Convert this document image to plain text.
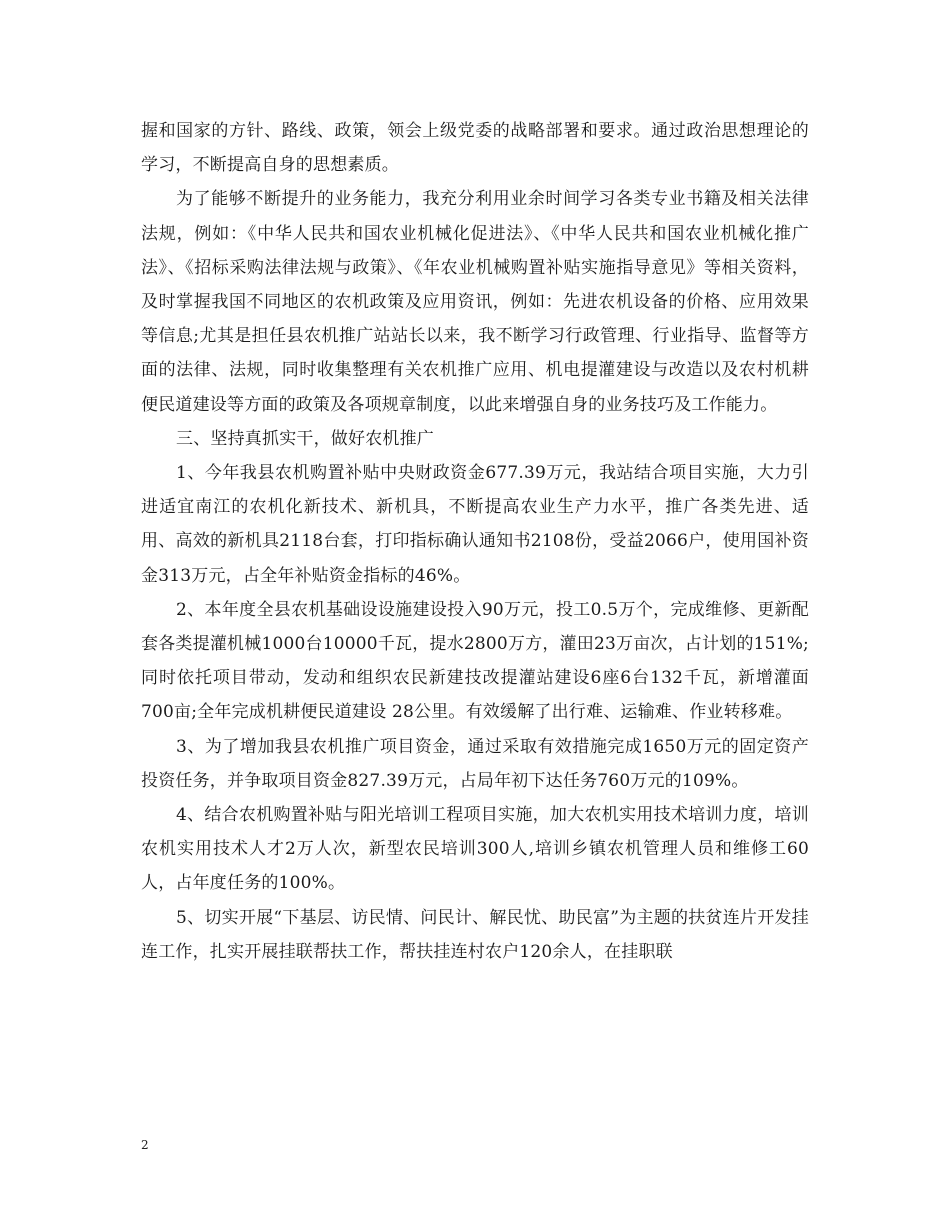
握和国家的方针、路线、政策，领会上级党委的战略部署和要求。通过政治思想理论的学习，不断提高自身的思想素质。

为了能够不断提升的业务能力，我充分利用业余时间学习各类专业书籍及相关法律法规，例如：《中华人民共和国农业机械化促进法》、《中华人民共和国农业机械化推广法》、《招标采购法律法规与政策》、《年农业机械购置补贴实施指导意见》等相关资料，及时掌握我国不同地区的农机政策及应用资讯，例如：先进农机设备的价格、应用效果等信息;尤其是担任县农机推广站站长以来，我不断学习行政管理、行业指导、监督等方面的法律、法规，同时收集整理有关农机推广应用、机电提灌建设与改造以及农村机耕便民道建设等方面的政策及各项规章制度，以此来增强自身的业务技巧及工作能力。

三、坚持真抓实干，做好农机推广

1、今年我县农机购置补贴中央财政资金677.39万元，我站结合项目实施，大力引进适宜南江的农机化新技术、新机具，不断提高农业生产力水平，推广各类先进、适用、高效的新机具2118台套，打印指标确认通知书2108份，受益2066户，使用国补资金313万元，占全年补贴资金指标的46%。

2、本年度全县农机基础设设施建设投入90万元，投工0.5万个，完成维修、更新配套各类提灌机械1000台10000千瓦，提水2800万方，灌田23万亩次，占计划的151%;同时依托项目带动，发动和组织农民新建技改提灌站建设6座6台132千瓦，新增灌面700亩;全年完成机耕便民道建设 28公里。有效缓解了出行难、运输难、作业转移难。

3、为了增加我县农机推广项目资金，通过采取有效措施完成1650万元的固定资产投资任务，并争取项目资金827.39万元，占局年初下达任务760万元的109%。

4、结合农机购置补贴与阳光培训工程项目实施，加大农机实用技术培训力度，培训农机实用技术人才2万人次，新型农民培训300人,培训乡镇农机管理人员和维修工60人，占年度任务的100%。

5、切实开展“下基层、访民情、问民计、解民忧、助民富”为主题的扶贫连片开发挂连工作，扎实开展挂联帮扶工作，帮扶挂连村农户120余人，在挂职联

2
